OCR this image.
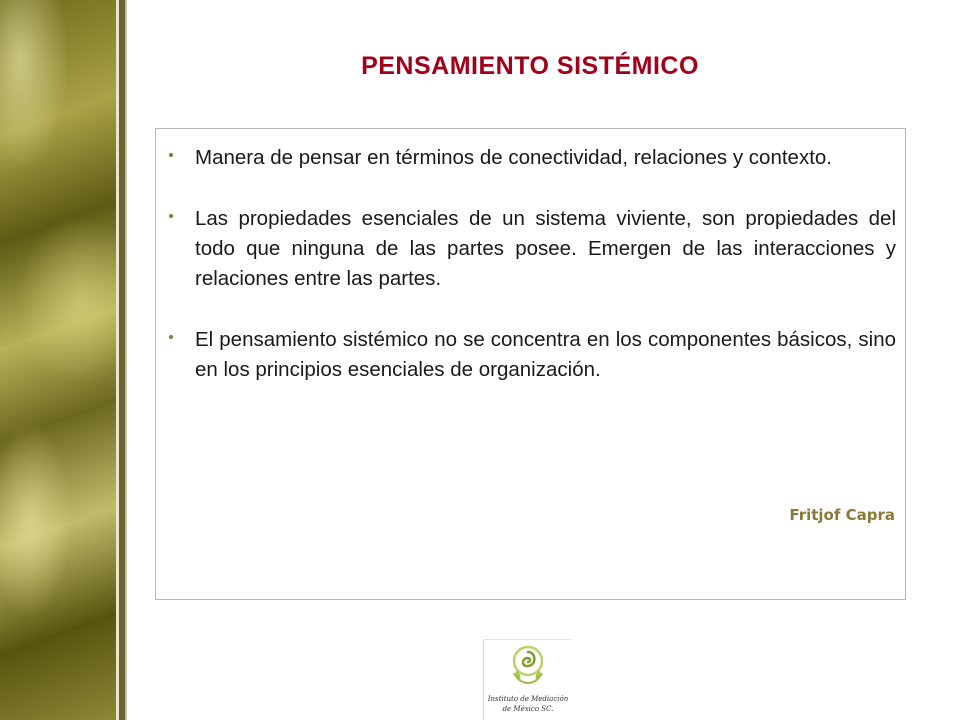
PENSAMIENTO SISTÉMICO
Manera de pensar en términos de conectividad, relaciones y contexto.
Las propiedades esenciales de un sistema viviente, son propiedades del todo que ninguna de las partes posee. Emergen de las interacciones y relaciones entre las partes.
El pensamiento sistémico no se concentra en los componentes básicos, sino en los principios esenciales de organización.
Fritjof Capra
Instituto de Mediación
de México SC.
